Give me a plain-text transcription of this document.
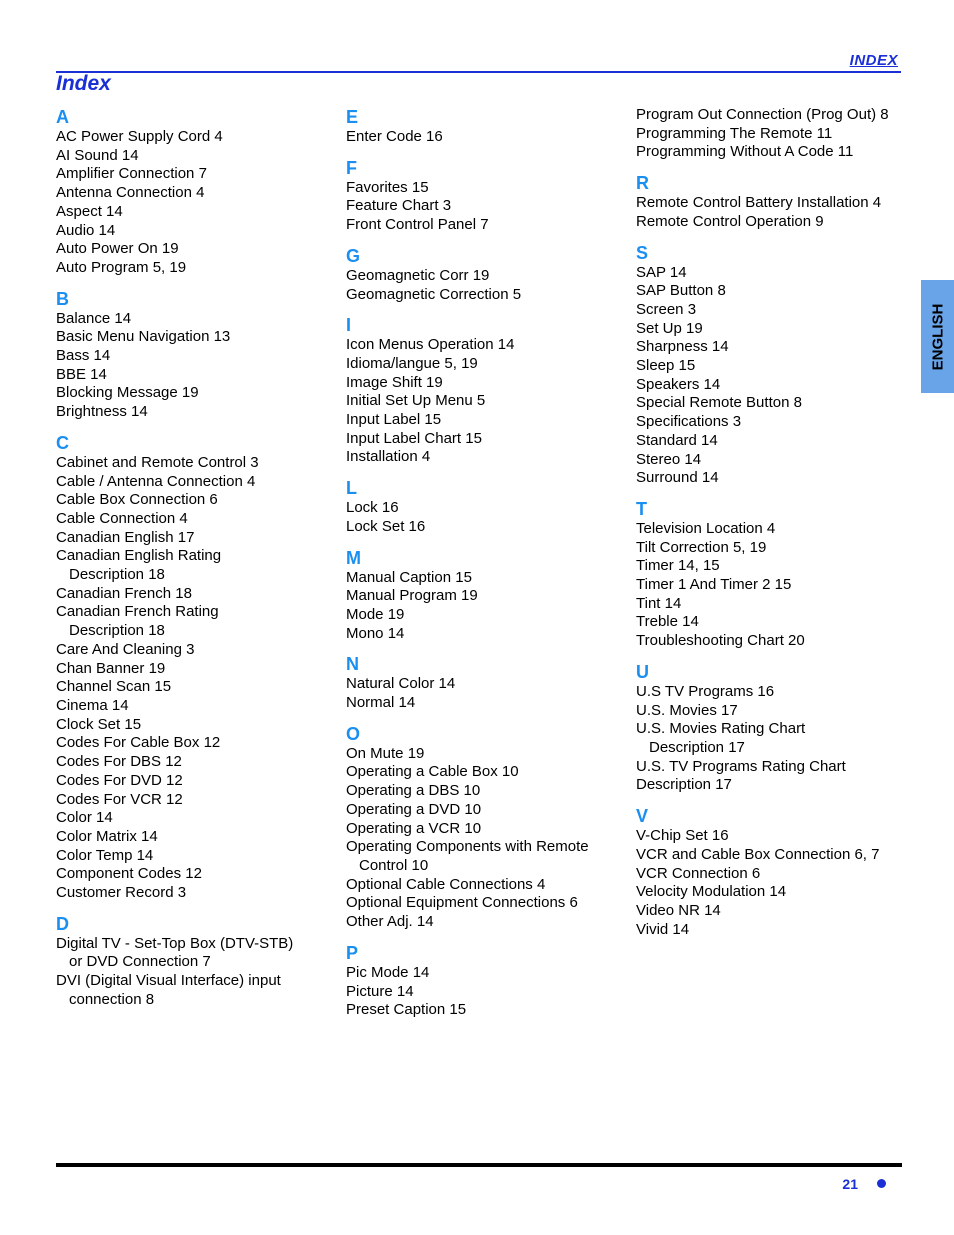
INDEX
Index
A
AC Power Supply Cord 4
AI Sound 14
Amplifier Connection 7
Antenna Connection 4
Aspect 14
Audio 14
Auto Power On 19
Auto Program 5, 19
B
Balance 14
Basic Menu Navigation 13
Bass 14
BBE 14
Blocking Message 19
Brightness 14
C
Cabinet and Remote Control 3
Cable / Antenna Connection 4
Cable Box Connection 6
Cable Connection 4
Canadian English 17
Canadian English Rating
Description 18
Canadian French 18
Canadian French Rating
Description 18
Care And Cleaning 3
Chan Banner 19
Channel Scan 15
Cinema 14
Clock Set 15
Codes For Cable Box 12
Codes For DBS 12
Codes For DVD 12
Codes For VCR 12
Color 14
Color Matrix 14
Color Temp 14
Component Codes 12
Customer Record 3
D
Digital TV - Set-Top Box (DTV-STB)
or DVD Connection 7
DVI (Digital Visual Interface) input
connection 8
E
Enter Code 16
F
Favorites 15
Feature Chart 3
Front Control Panel 7
G
Geomagnetic Corr 19
Geomagnetic Correction 5
I
Icon Menus Operation 14
Idioma/langue 5, 19
Image Shift 19
Initial Set Up Menu 5
Input Label 15
Input Label Chart 15
Installation 4
L
Lock 16
Lock Set 16
M
Manual Caption 15
Manual Program 19
Mode 19
Mono 14
N
Natural Color 14
Normal 14
O
On Mute 19
Operating a Cable Box 10
Operating a DBS 10
Operating a DVD 10
Operating a VCR 10
Operating Components with Remote
Control 10
Optional Cable Connections 4
Optional Equipment Connections 6
Other Adj. 14
P
Pic Mode 14
Picture 14
Preset Caption 15
Program Out Connection (Prog Out) 8
Programming The Remote 11
Programming Without A Code 11
R
Remote Control Battery Installation 4
Remote Control Operation 9
S
SAP 14
SAP Button 8
Screen 3
Set Up 19
Sharpness 14
Sleep 15
Speakers 14
Special Remote Button 8
Specifications 3
Standard 14
Stereo 14
Surround 14
T
Television Location 4
Tilt Correction 5, 19
Timer 14, 15
Timer 1 And Timer 2 15
Tint 14
Treble 14
Troubleshooting Chart 20
U
U.S TV Programs 16
U.S. Movies 17
U.S. Movies Rating Chart
Description 17
U.S. TV Programs Rating Chart
Description 17
V
V-Chip Set 16
VCR and Cable Box Connection 6, 7
VCR Connection 6
Velocity Modulation 14
Video NR 14
Vivid 14
ENGLISH
21
